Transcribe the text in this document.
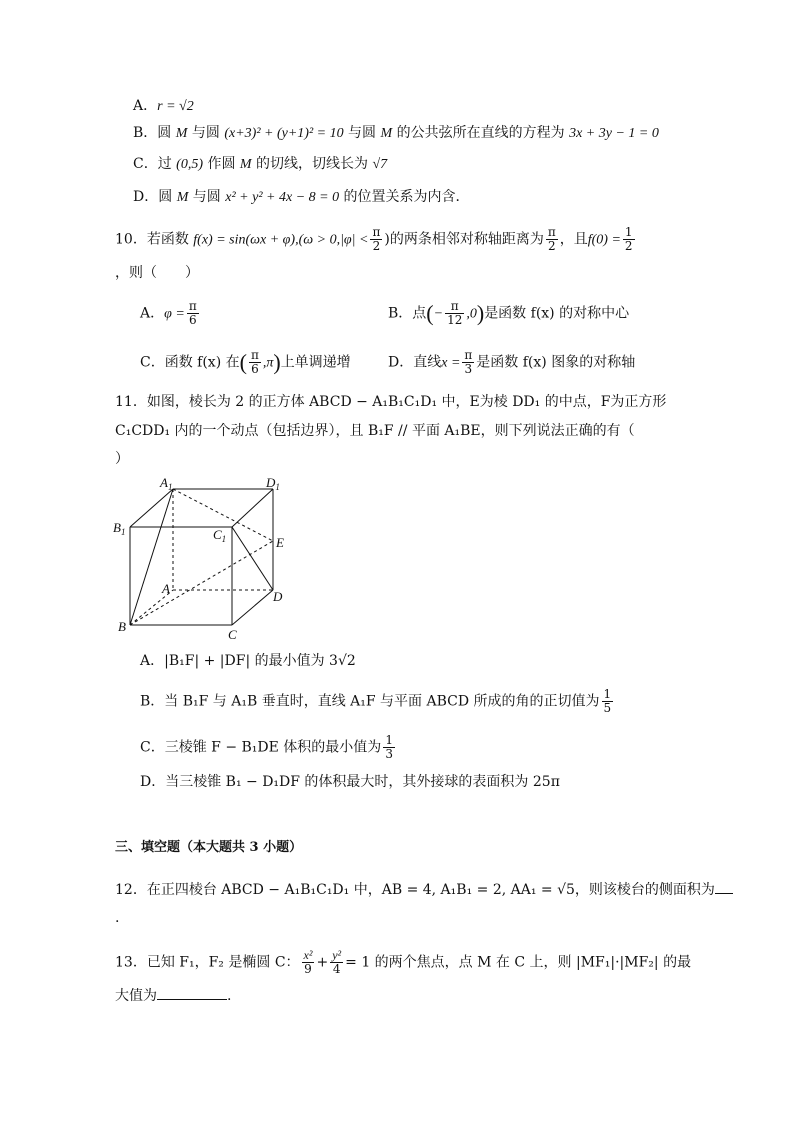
A．r = √2
B．圆 M 与圆 (x+3)² + (y+1)² = 10 与圆 M 的公共弦所在直线的方程为 3x + 3y − 1 = 0
C．过 (0,5) 作圆 M 的切线，切线长为 √7
D．圆 M 与圆 x² + y² + 4x − 8 = 0 的位置关系为内含．
10．若函数 $f(x) = \sin(\omega x + \varphi),(\omega > 0,|\varphi| < \frac{\pi}{2}$ )的两条相邻对称轴距离为 $\frac{\pi}{2}$ ，且$f(0) = \frac{1}{2}$
，则（　　）
A．$\varphi = \frac{\pi}{6}$	B．点(− $\frac{\pi}{12} ,0$)是函数 f(x) 的对称中心
C．函数 f(x) 在( $\frac{\pi}{6} ,\pi$)上单调递增	D．直线$x = \frac{\pi}{3}$ 是函数 f(x) 图象的对称轴
11．如图，棱长为 2 的正方体 ABCD − A₁B₁C₁D₁ 中，E为棱 DD₁ 的中点，F为正方形
C₁CDD₁ 内的一个动点（包括边界），且 B₁F // 平面 A₁BE，则下列说法正确的有（
）
$A_1$	$D_1$
$B_1$	$C_1$	E
A
D
B
C
A．|B₁F| + |DF| 的最小值为 3√2
B．当 B₁F 与 A₁B 垂直时，直线 A₁F 与平面 ABCD 所成的角的正切值为 $\frac{1}{5}$
C．三棱锥 F − B₁DE 体积的最小值为 $\frac{1}{3}$
D．当三棱锥 B₁ − D₁DF 的体积最大时，其外接球的表面积为 25π
三、填空题（本大题共 3 小题）
12．在正四棱台 ABCD − A₁B₁C₁D₁ 中，AB = 4, A₁B₁ = 2, AA₁ = √5，则该棱台的侧面积为
.
13．已知 F₁，F₂ 是椭圆 C： $\frac{\text{x²}}{9} + \frac{\text{y²}}{4} = 1$ 的两个焦点，点 M 在 C 上，则 |MF₁|·|MF₂| 的最
大值为	.
